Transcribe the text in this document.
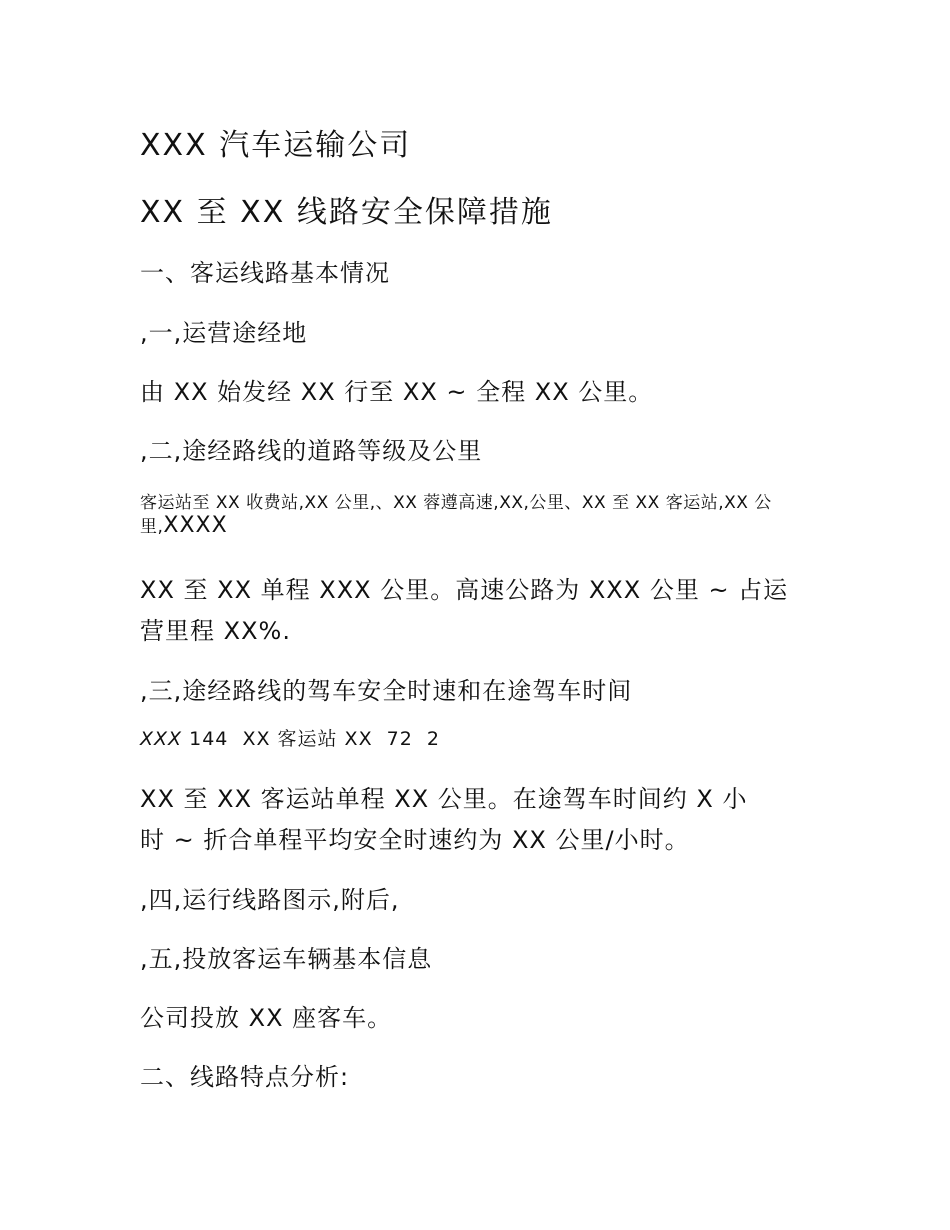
XXX 汽车运输公司

XX 至 XX 线路安全保障措施

一、客运线路基本情况

,一,运营途经地

由 XX 始发经 XX 行至 XX ~ 全程 XX 公里。

,二,途经路线的道路等级及公里

客运站至 XX 收费站,XX 公里,、XX 蓉遵高速,XX,公里、XX 至 XX 客运站,XX 公

里,XXXX

XX 至 XX 单程 XXX 公里。高速公路为 XXX 公里 ~ 占运

营里程 XX%.

,三,途经路线的驾车安全时速和在途驾车时间

XXX 144  XX 客运站 XX  72  2

XX 至 XX 客运站单程 XX 公里。在途驾车时间约 X 小

时 ~ 折合单程平均安全时速约为 XX 公里/小时。

,四,运行线路图示,附后,

,五,投放客运车辆基本信息

公司投放 XX 座客车。

二、线路特点分析:
